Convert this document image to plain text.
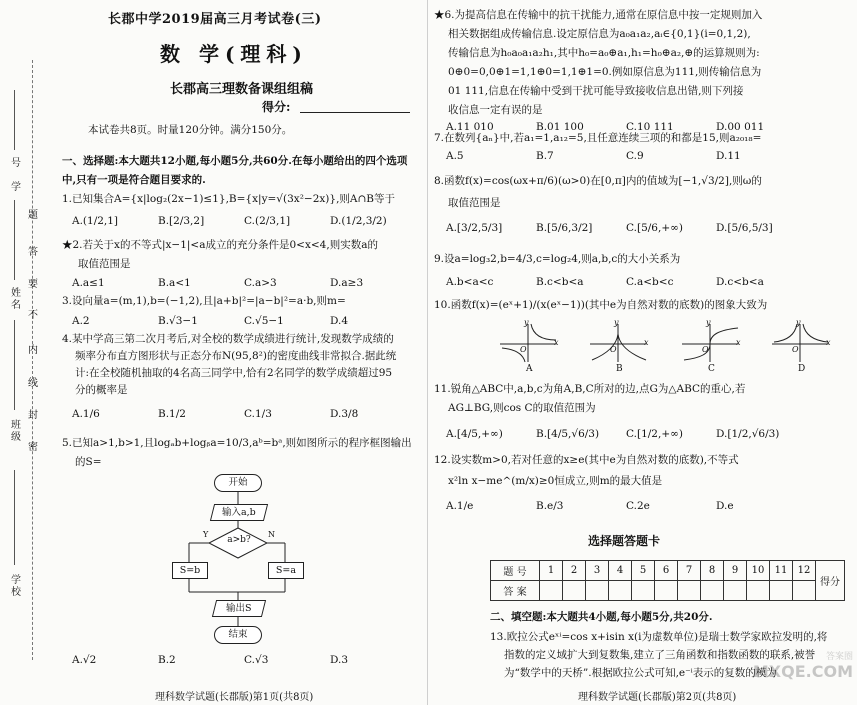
题
答
要
不
内
线
封
密
号
学
姓名
班级
学校
长郡中学2019届高三月考试卷(三)
数 学(理科)
长郡高三理数备课组组稿
得分:
本试卷共8页。时量120分钟。满分150分。
一、选择题:本大题共12小题,每小题5分,共60分.在每小题给出的四个选项中,只有一项是符合题目要求的.
1.已知集合A={x|log₂(2x−1)≤1},B={x|y=√(3x²−2x)},则A∩B等于
A.(1/2,1]	B.[2/3,2]	C.(2/3,1]	D.(1/2,3/2)
★2.若关于x的不等式|x−1|<a成立的充分条件是0<x<4,则实数a的
取值范围是
A.a≤1	B.a<1	C.a>3	D.a≥3
3.设向量a=(m,1),b=(−1,2),且|a+b|²=|a−b|²=a·b,则m=
A.2	B.√3−1	C.√5−1	D.4
4.某中学高三第二次月考后,对全校的数学成绩进行统计,发现数学成绩的
频率分布直方图形状与正态分布N(95,8²)的密度曲线非常拟合.据此统
计:在全校随机抽取的4名高三同学中,恰有2名同学的数学成绩超过95
分的概率是
A.1/6	B.1/2	C.1/3	D.3/8
5.已知a>1,b>1,且logₐb+logᵦa=10/3,aᵇ=bᵃ,则如图所示的程序框图输出
的S=
开始
输入a,b
a>b?
Y	N
S=b	S=a
输出S
结束
A.√2	B.2	C.√3	D.3
理科数学试题(长郡版)第1页(共8页)
★6.为提高信息在传输中的抗干扰能力,通常在原信息中按一定规则加入
相关数据组成传输信息.设定原信息为a₀a₁a₂,aᵢ∈{0,1}(i=0,1,2),
传输信息为h₀a₀a₁a₂h₁,其中h₀=a₀⊕a₁,h₁=h₀⊕a₂,⊕的运算规则为:
0⊕0=0,0⊕1=1,1⊕0=1,1⊕1=0.例如原信息为111,则传输信息为
01 111,信息在传输中受到干扰可能导致接收信息出错,则下列接
收信息一定有误的是
A.11 010	B.01 100	C.10 111	D.00 011
7.在数列{aₙ}中,若a₁=1,a₁₂=5,且任意连续三项的和都是15,则a₂₀₁₈=
A.5	B.7	C.9	D.11
8.函数f(x)=cos(ωx+π/6)(ω>0)在[0,π]内的值域为[−1,√3/2],则ω的
取值范围是
A.[3/2,5/3]	B.[5/6,3/2]	C.[5/6,+∞)	D.[5/6,5/3]
9.设a=log₃2,b=4/3,c=log₂4,则a,b,c的大小关系为
A.b<a<c	B.c<b<a	C.a<b<c	D.c<b<a
10.函数f(x)=(eˣ+1)/(x(eˣ−1))(其中e为自然对数的底数)的图象大致为
y	y	y	y
x	x	x	x
O	O	O	O
A	B	C	D
11.锐角△ABC中,a,b,c为角A,B,C所对的边,点G为△ABC的重心,若
AG⊥BG,则cos C的取值范围为
A.[4/5,+∞)	B.[4/5,√6/3)	C.[1/2,+∞)	D.[1/2,√6/3)
12.设实数m>0,若对任意的x≥e(其中e为自然对数的底数),不等式
x²ln x−me^(m/x)≥0恒成立,则m的最大值是
A.1/e	B.e/3	C.2e	D.e
选择题答题卡
题 号	1	2	3	4	5	6	7	8	9	10	11	12	得分
答 案													
二、填空题:本大题共4小题,每小题5分,共20分.
13.欧拉公式eˣⁱ=cos x+isin x(i为虚数单位)是瑞士数学家欧拉发明的,将
指数的定义域扩大到复数集,建立了三角函数和指数函数的联系,被誉
为“数学中的天桥”.根据欧拉公式可知,e⁻ⁱ表示的复数的模为
理科数学试题(长郡版)第2页(共8页)
答案圈
MXQE.COM
